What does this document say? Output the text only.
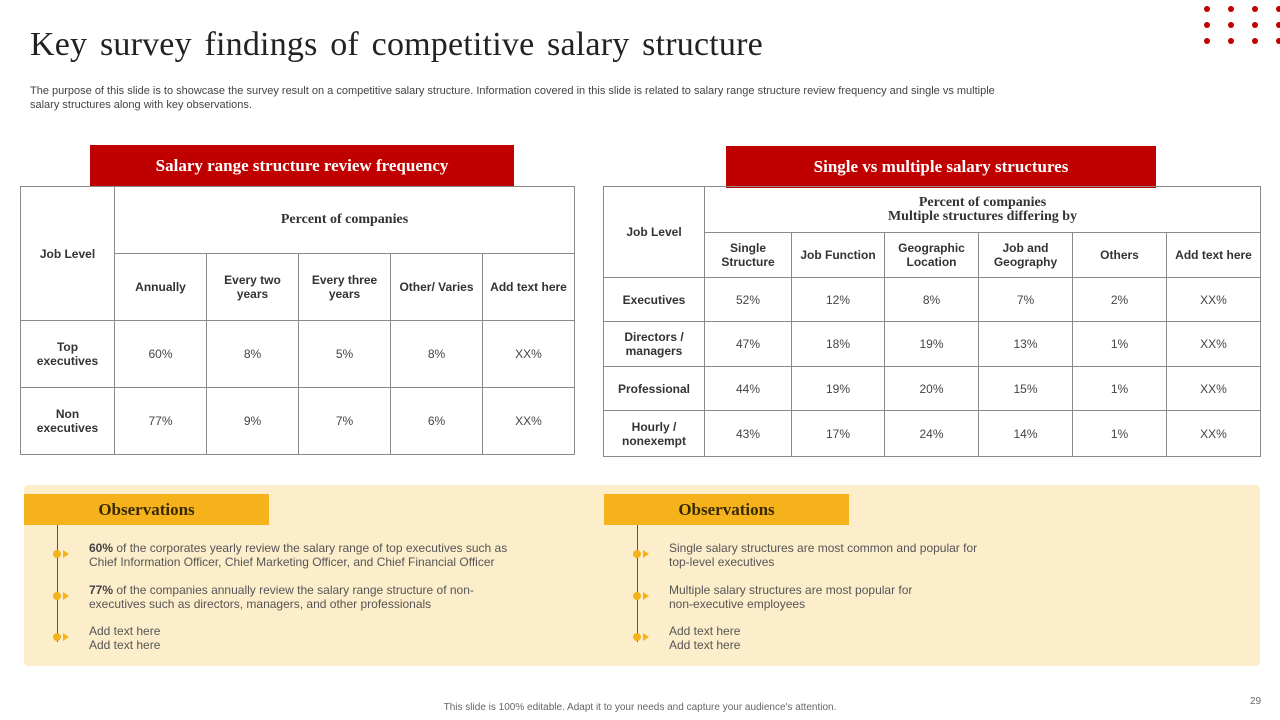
Key survey findings of competitive salary structure
The purpose of this slide is to showcase the survey result on a competitive salary structure. Information covered in this slide is related to salary range structure review frequency and single vs multiple salary structures along with key observations.
Salary range structure review frequency
Job Level	Percent of companies				
	Annually	Every two years	Every three years	Other/ Varies	Add text here
Top executives	60%	8%	5%	8%	XX%
Non executives	77%	9%	7%	6%	XX%
Single vs multiple salary structures
Job Level	Percent of companies
Multiple structures differing by					

	Single Structure	Job Function	Geographic Location	Job and Geography	Others	Add text here
Executives	52%	12%	8%	7%	2%	XX%
Directors / managers	47%	18%	19%	13%	1%	XX%
Professional	44%	19%	20%	15%	1%	XX%
Hourly / nonexempt	43%	17%	24%	14%	1%	XX%
Observations
60% of the corporates yearly review the salary range of top executives such as Chief Information Officer, Chief Marketing Officer, and Chief Financial Officer
77% of the companies annually review the salary range structure of non-executives such as directors, managers, and other professionals
Add text here Add text here
Observations
Single salary structures are most common and popular for top-level executives
Multiple salary structures are most popular for non-executive employees
Add text here Add text here
This slide is 100% editable. Adapt it to your needs and capture your audience's attention.
29
